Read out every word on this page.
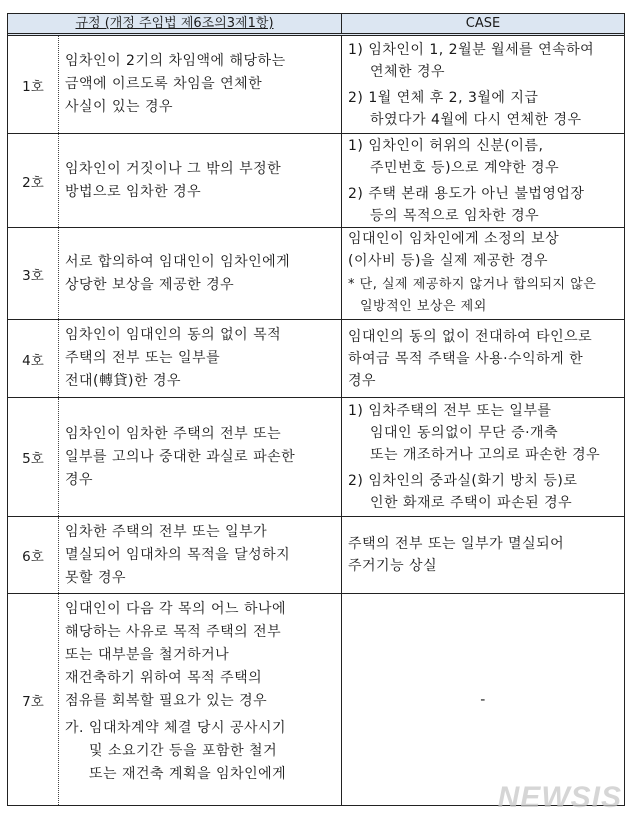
규정 (개정 주임법 제6조의3제1항)	CASE
1호
임차인이 2기의 차임액에 해당하는
금액에 이르도록 차임을 연체한
사실이 있는 경우
1) 임차인이 1, 2월분 월세를 연속하여
연체한 경우
2) 1월 연체 후 2, 3월에 지급
하였다가 4월에 다시 연체한 경우
2호
임차인이 거짓이나 그 밖의 부정한
방법으로 임차한 경우
1) 임차인이 허위의 신분(이름,
주민번호 등)으로 계약한 경우
2) 주택 본래 용도가 아닌 불법영업장
등의 목적으로 임차한 경우
3호
서로 합의하여 임대인이 임차인에게
상당한 보상을 제공한 경우
임대인이 임차인에게 소정의 보상
(이사비 등)을 실제 제공한 경우
* 단, 실제 제공하지 않거나 합의되지 않은
일방적인 보상은 제외
4호
임차인이 임대인의 동의 없이 목적
주택의 전부 또는 일부를
전대(轉貸)한 경우
임대인의 동의 없이 전대하여 타인으로
하여금 목적 주택을 사용·수익하게 한
경우
5호
임차인이 임차한 주택의 전부 또는
일부를 고의나 중대한 과실로 파손한
경우
1) 임차주택의 전부 또는 일부를
임대인 동의없이 무단 증·개축
또는 개조하거나 고의로 파손한 경우
2) 임차인의 중과실(화기 방치 등)로
인한 화재로 주택이 파손된 경우
6호
임차한 주택의 전부 또는 일부가
멸실되어 임대차의 목적을 달성하지
못할 경우
주택의 전부 또는 일부가 멸실되어
주거기능 상실
7호
임대인이 다음 각 목의 어느 하나에
해당하는 사유로 목적 주택의 전부
또는 대부분을 철거하거나
재건축하기 위하여 목적 주택의
점유를 회복할 필요가 있는 경우
가. 임대차계약 체결 당시 공사시기
및 소요기간 등을 포함한 철거
또는 재건축 계획을 임차인에게
-
NEWSIS
